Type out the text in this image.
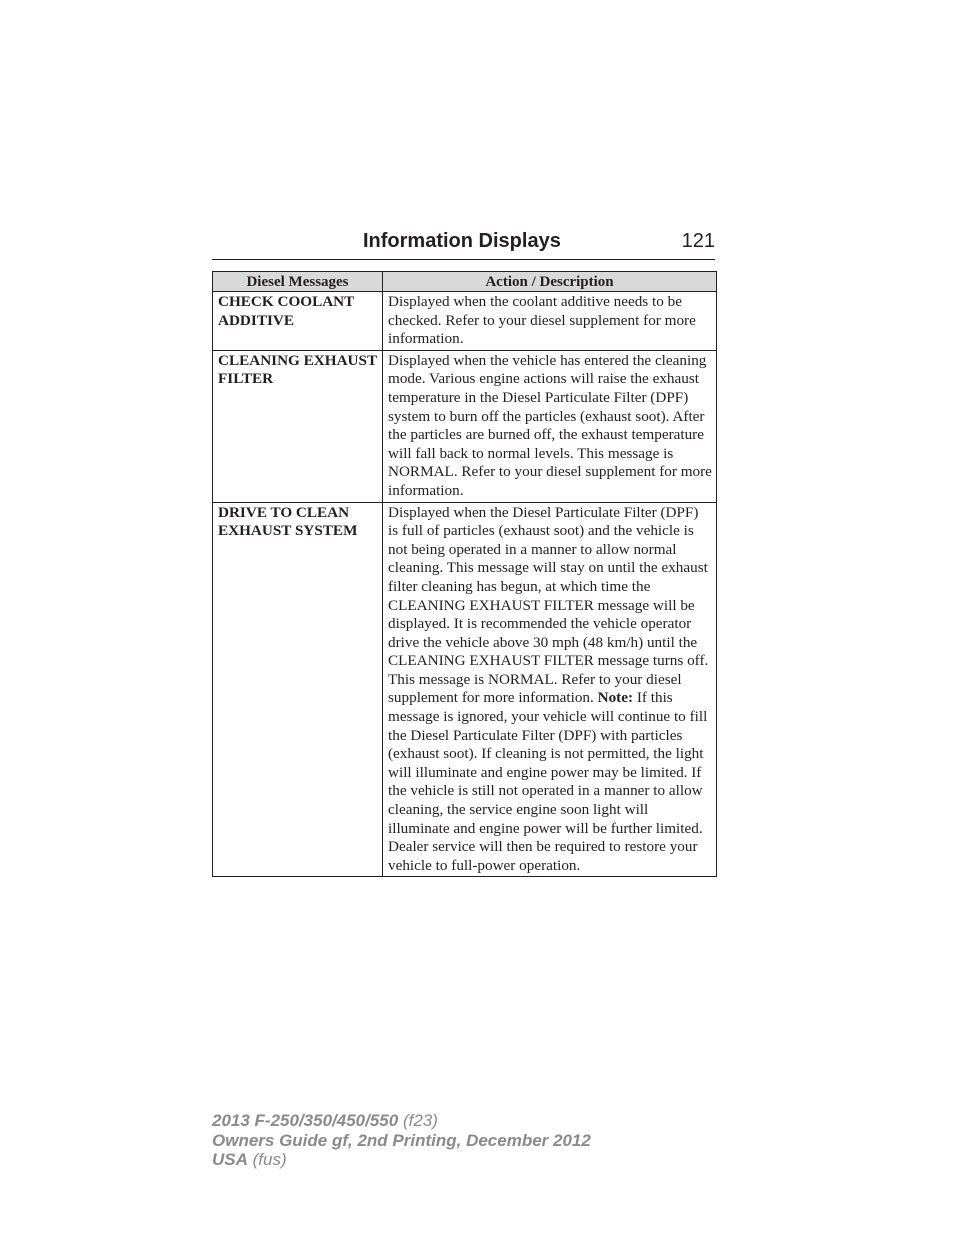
Information Displays	121
Diesel Messages	Action / Description
CHECK COOLANT ADDITIVE	Displayed when the coolant additive needs to be checked. Refer to your diesel supplement for more information.
CLEANING EXHAUST FILTER	Displayed when the vehicle has entered the cleaning mode. Various engine actions will raise the exhaust temperature in the Diesel Particulate Filter (DPF) system to burn off the particles (exhaust soot). After the particles are burned off, the exhaust temperature will fall back to normal levels. This message is NORMAL. Refer to your diesel supplement for more information.
DRIVE TO CLEAN EXHAUST SYSTEM	Displayed when the Diesel Particulate Filter (DPF) is full of particles (exhaust soot) and the vehicle is not being operated in a manner to allow normal cleaning. This message will stay on until the exhaust filter cleaning has begun, at which time the CLEANING EXHAUST FILTER message will be displayed. It is recommended the vehicle operator drive the vehicle above 30 mph (48 km/h) until the CLEANING EXHAUST FILTER message turns off. This message is NORMAL. Refer to your diesel supplement for more information. Note: If this message is ignored, your vehicle will continue to fill the Diesel Particulate Filter (DPF) with particles (exhaust soot). If cleaning is not permitted, the light will illuminate and engine power may be limited. If the vehicle is still not operated in a manner to allow cleaning, the service engine soon light will illuminate and engine power will be further limited. Dealer service will then be required to restore your vehicle to full-power operation.
2013 F-250/350/450/550 (f23)
Owners Guide gf, 2nd Printing, December 2012
USA (fus)
